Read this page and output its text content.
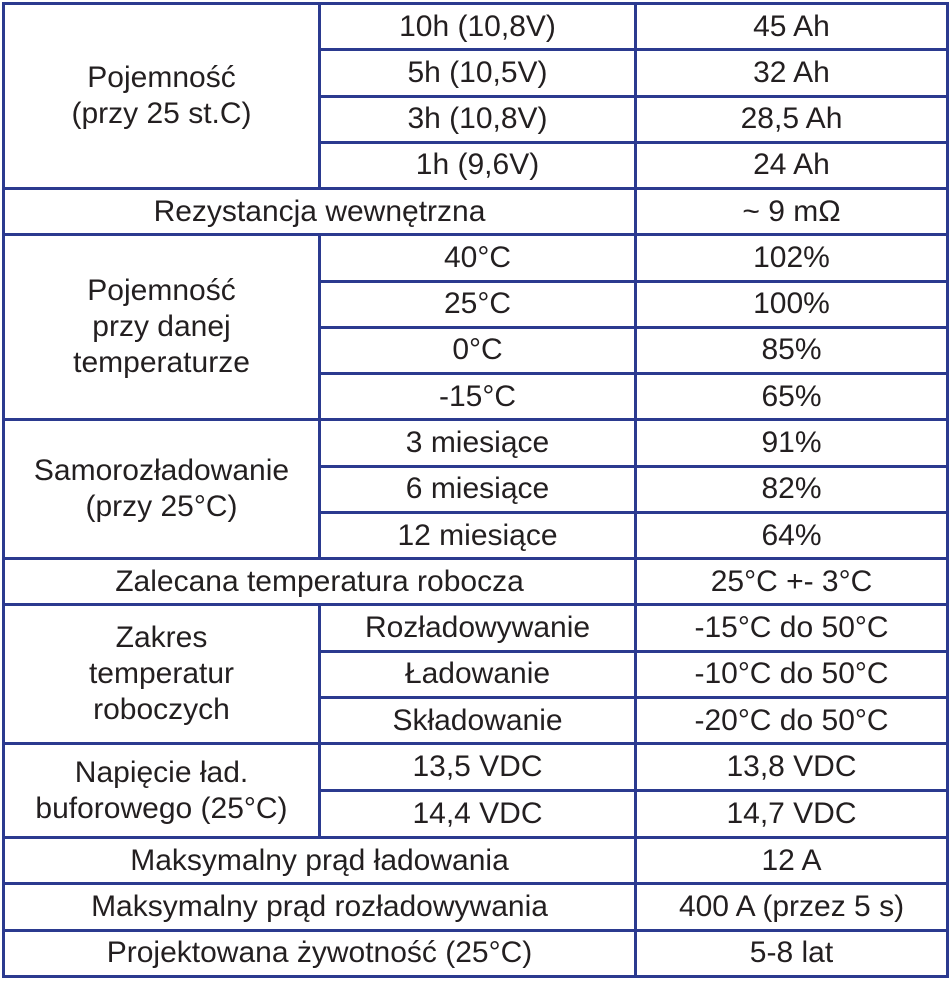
Pojemność
(przy 25 st.C)	10h (10,8V)	45 Ah
	5h (10,5V)	32 Ah
	3h (10,8V)	28,5 Ah
	1h (9,6V)	24 Ah
Rezystancja wewnętrzna		~ 9 mΩ
Pojemność
przy danej
temperaturze	40°C	102%
	25°C	100%
	0°C	85%
	-15°C	65%
Samorozładowanie
(przy 25°C)	3 miesiące	91%
	6 miesiące	82%
	12 miesiące	64%
Zalecana temperatura robocza		25°C +- 3°C
Zakres
temperatur
roboczych	Rozładowywanie	-15°C do 50°C
	Ładowanie	-10°C do 50°C
	Składowanie	-20°C do 50°C
Napięcie ład.
buforowego (25°C)	13,5 VDC	13,8 VDC
	14,4 VDC	14,7 VDC
Maksymalny prąd ładowania		12 A
Maksymalny prąd rozładowywania		400 A (przez 5 s)
Projektowana żywotność (25°C)		5-8 lat
